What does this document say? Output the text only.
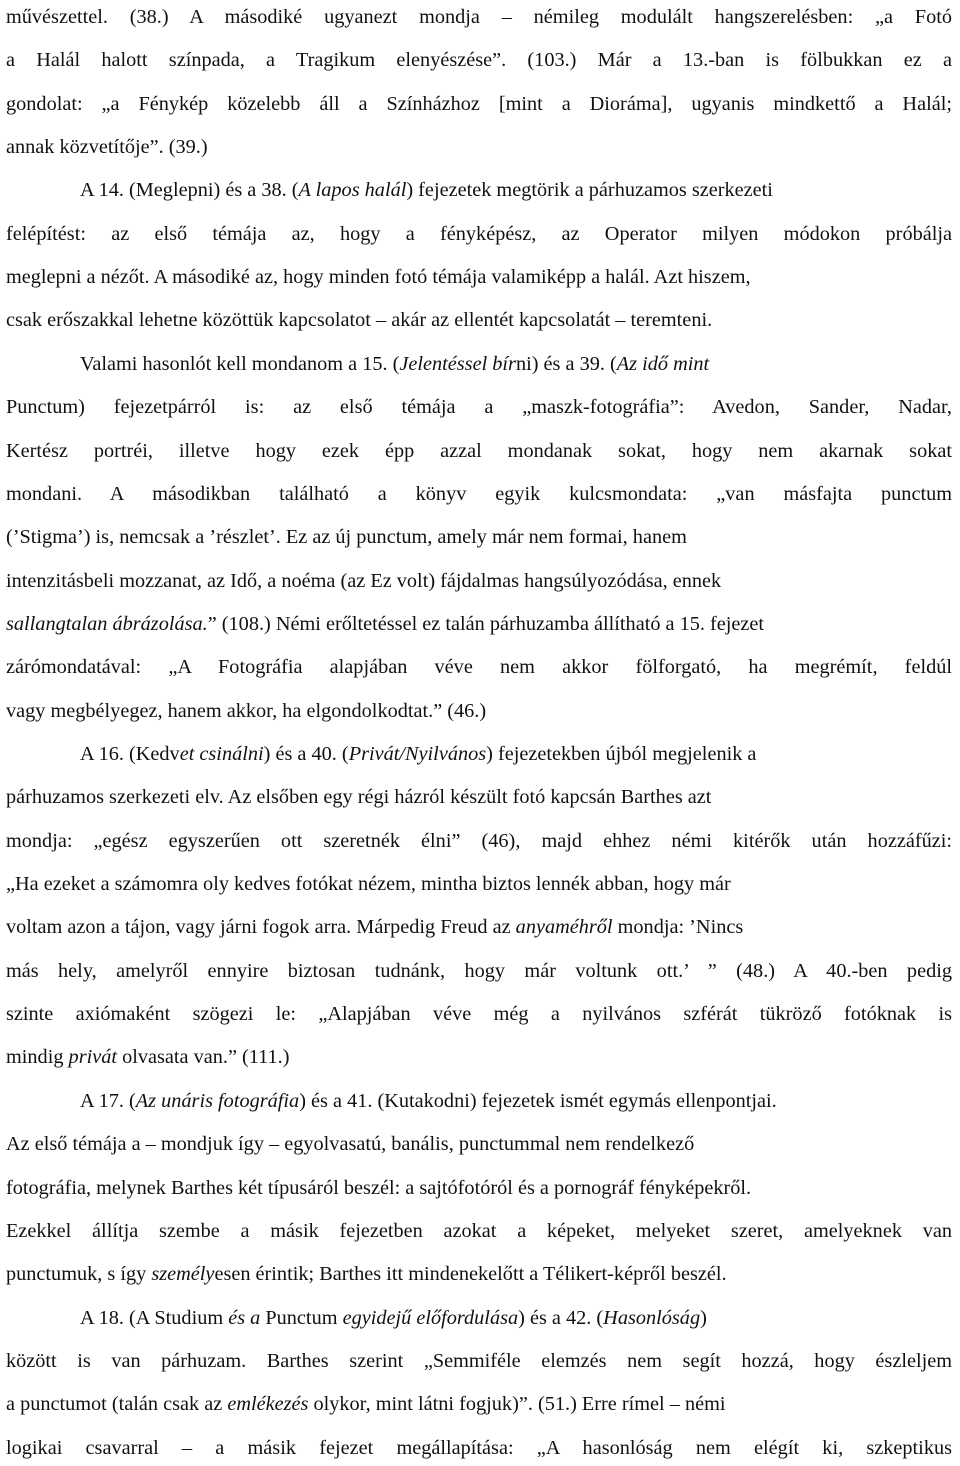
művészettel. (38.) A másodiké ugyanezt mondja – némileg modulált hangszerelésben: „a Fotó
a Halál halott színpada, a Tragikum elenyészése”. (103.) Már a 13.-ban is fölbukkan ez a
gondolat: „a Fénykép közelebb áll a Színházhoz [mint a Dioráma], ugyanis mindkettő a Halál;
annak közvetítője”. (39.)
A 14. (Meglepni) és a 38. (A lapos halál) fejezetek megtörik a párhuzamos szerkezeti
felépítést: az első témája az, hogy a fényképész, az Operator milyen módokon próbálja
meglepni a nézőt. A másodiké az, hogy minden fotó témája valamiképp a halál. Azt hiszem,
csak erőszakkal lehetne közöttük kapcsolatot – akár az ellentét kapcsolatát – teremteni.
Valami hasonlót kell mondanom a 15. (Jelentéssel bírni) és a 39. (Az idő mint
Punctum) fejezetpárról is: az első témája a „maszk-fotográfia”: Avedon, Sander, Nadar,
Kertész portréi, illetve hogy ezek épp azzal mondanak sokat, hogy nem akarnak sokat
mondani. A másodikban található a könyv egyik kulcsmondata: „van másfajta punctum
(’Stigma’) is, nemcsak a ’részlet’. Ez az új punctum, amely már nem formai, hanem
intenzitásbeli mozzanat, az Idő, a noéma (az Ez volt) fájdalmas hangsúlyozódása, ennek
sallangtalan ábrázolása.” (108.) Némi erőltetéssel ez talán párhuzamba állítható a 15. fejezet
zárómondatával: „A Fotográfia alapjában véve nem akkor fölforgató, ha megrémít, feldúl
vagy megbélyegez, hanem akkor, ha elgondolkodtat.” (46.)
A 16. (Kedvet csinálni) és a 40. (Privát/Nyilvános) fejezetekben újból megjelenik a
párhuzamos szerkezeti elv. Az elsőben egy régi házról készült fotó kapcsán Barthes azt
mondja: „egész egyszerűen ott szeretnék élni” (46), majd ehhez némi kitérők után hozzáfűzi:
„Ha ezeket a számomra oly kedves fotókat nézem, mintha biztos lennék abban, hogy már
voltam azon a tájon, vagy járni fogok arra. Márpedig Freud az anyaméhről mondja: ’Nincs
más hely, amelyről ennyire biztosan tudnánk, hogy már voltunk ott.’ ” (48.) A 40.-ben pedig
szinte axiómaként szögezi le: „Alapjában véve még a nyilvános szférát tükröző fotóknak is
mindig privát olvasata van.” (111.)
A 17. (Az unáris fotográfia) és a 41. (Kutakodni) fejezetek ismét egymás ellenpontjai.
Az első témája a – mondjuk így – egyolvasatú, banális, punctummal nem rendelkező
fotográfia, melynek Barthes két típusáról beszél: a sajtófotóról és a pornográf fényképekről.
Ezekkel állítja szembe a másik fejezetben azokat a képeket, melyeket szeret, amelyeknek van
punctumuk, s így személyesen érintik; Barthes itt mindenekelőtt a Télikert-képről beszél.
A 18. (A Studium és a Punctum egyidejű előfordulása) és a 42. (Hasonlóság)
között is van párhuzam. Barthes szerint „Semmiféle elemzés nem segít hozzá, hogy észleljem
a punctumot (talán csak az emlékezés olykor, mint látni fogjuk)”. (51.) Erre rímel – némi
logikai csavarral – a másik fejezet megállapítása: „A hasonlóság nem elégít ki, szkeptikus
